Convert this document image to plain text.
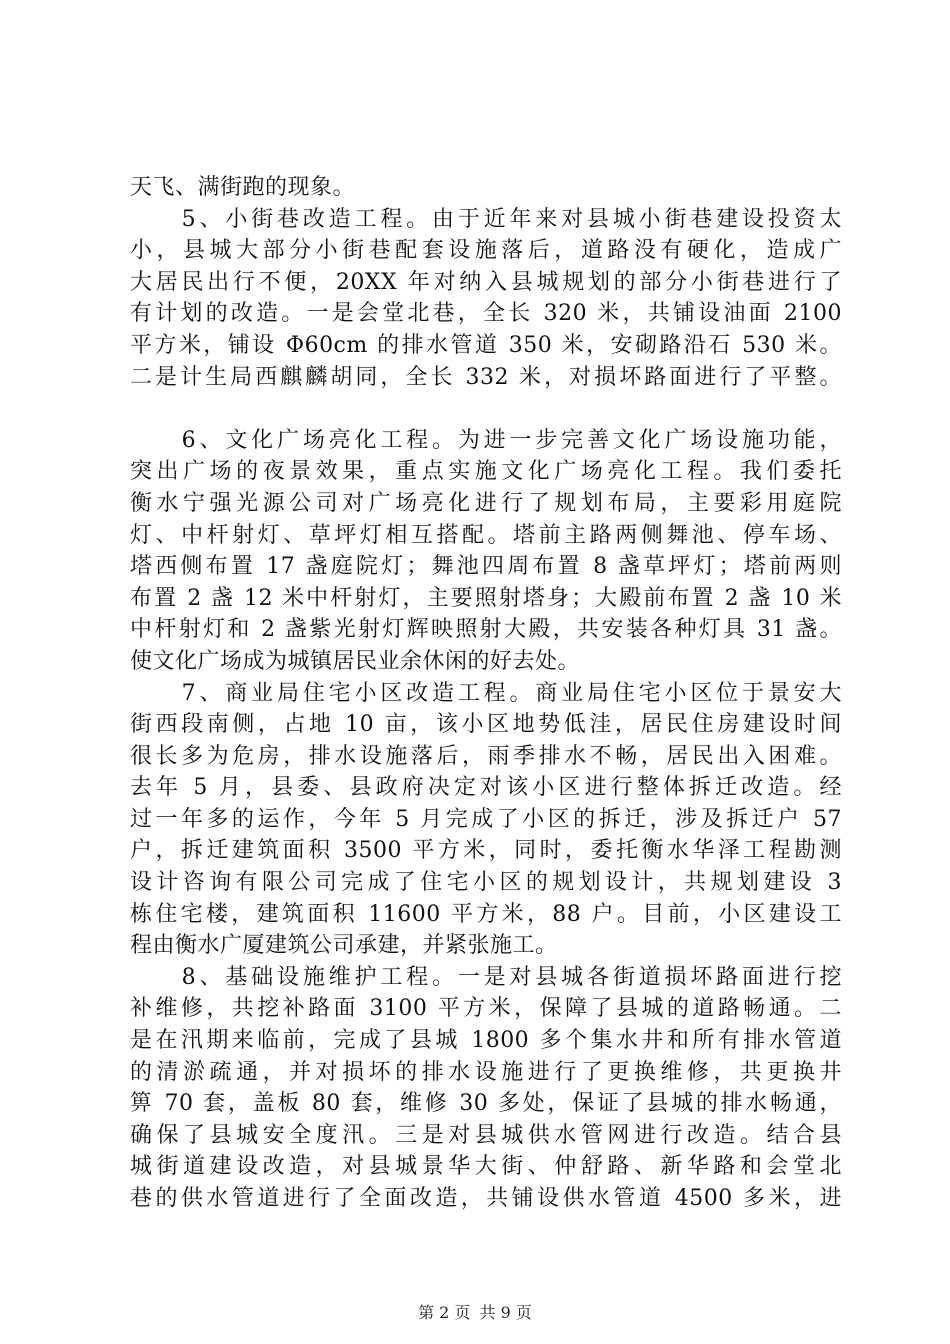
天飞、满街跑的现象。
　　5、小街巷改造工程。由于近年来对县城小街巷建设投资太
小，县城大部分小街巷配套设施落后，道路没有硬化，造成广
大居民出行不便，20XX 年对纳入县城规划的部分小街巷进行了
有计划的改造。一是会堂北巷，全长 320 米，共铺设油面 2100
平方米，铺设 Φ60cm 的排水管道 350 米，安砌路沿石 530 米。
二是计生局西麒麟胡同，全长 332 米，对损坏路面进行了平整。
　　6、文化广场亮化工程。为进一步完善文化广场设施功能，
突出广场的夜景效果，重点实施文化广场亮化工程。我们委托
衡水宁强光源公司对广场亮化进行了规划布局，主要彩用庭院
灯、中杆射灯、草坪灯相互搭配。塔前主路两侧舞池、停车场、
塔西侧布置 17 盏庭院灯；舞池四周布置 8 盏草坪灯；塔前两则
布置 2 盏 12 米中杆射灯，主要照射塔身；大殿前布置 2 盏 10 米
中杆射灯和 2 盏紫光射灯辉映照射大殿，共安装各种灯具 31 盏。
使文化广场成为城镇居民业余休闲的好去处。
　　7、商业局住宅小区改造工程。商业局住宅小区位于景安大
街西段南侧，占地 10 亩，该小区地势低洼，居民住房建设时间
很长多为危房，排水设施落后，雨季排水不畅，居民出入困难。
去年 5 月，县委、县政府决定对该小区进行整体拆迁改造。经
过一年多的运作，今年 5 月完成了小区的拆迁，涉及拆迁户 57
户，拆迁建筑面积 3500 平方米，同时，委托衡水华泽工程勘测
设计咨询有限公司完成了住宅小区的规划设计，共规划建设 3
栋住宅楼，建筑面积 11600 平方米，88 户。目前，小区建设工
程由衡水广厦建筑公司承建，并紧张施工。
　　8、基础设施维护工程。一是对县城各街道损坏路面进行挖
补维修，共挖补路面 3100 平方米，保障了县城的道路畅通。二
是在汛期来临前，完成了县城 1800 多个集水井和所有排水管道
的清淤疏通，并对损坏的排水设施进行了更换维修，共更换井
箅 70 套，盖板 80 套，维修 30 多处，保证了县城的排水畅通，
确保了县城安全度汛。三是对县城供水管网进行改造。结合县
城街道建设改造，对县城景华大街、仲舒路、新华路和会堂北
巷的供水管道进行了全面改造，共铺设供水管道 4500 多米，进
第 2 页 共 9 页
